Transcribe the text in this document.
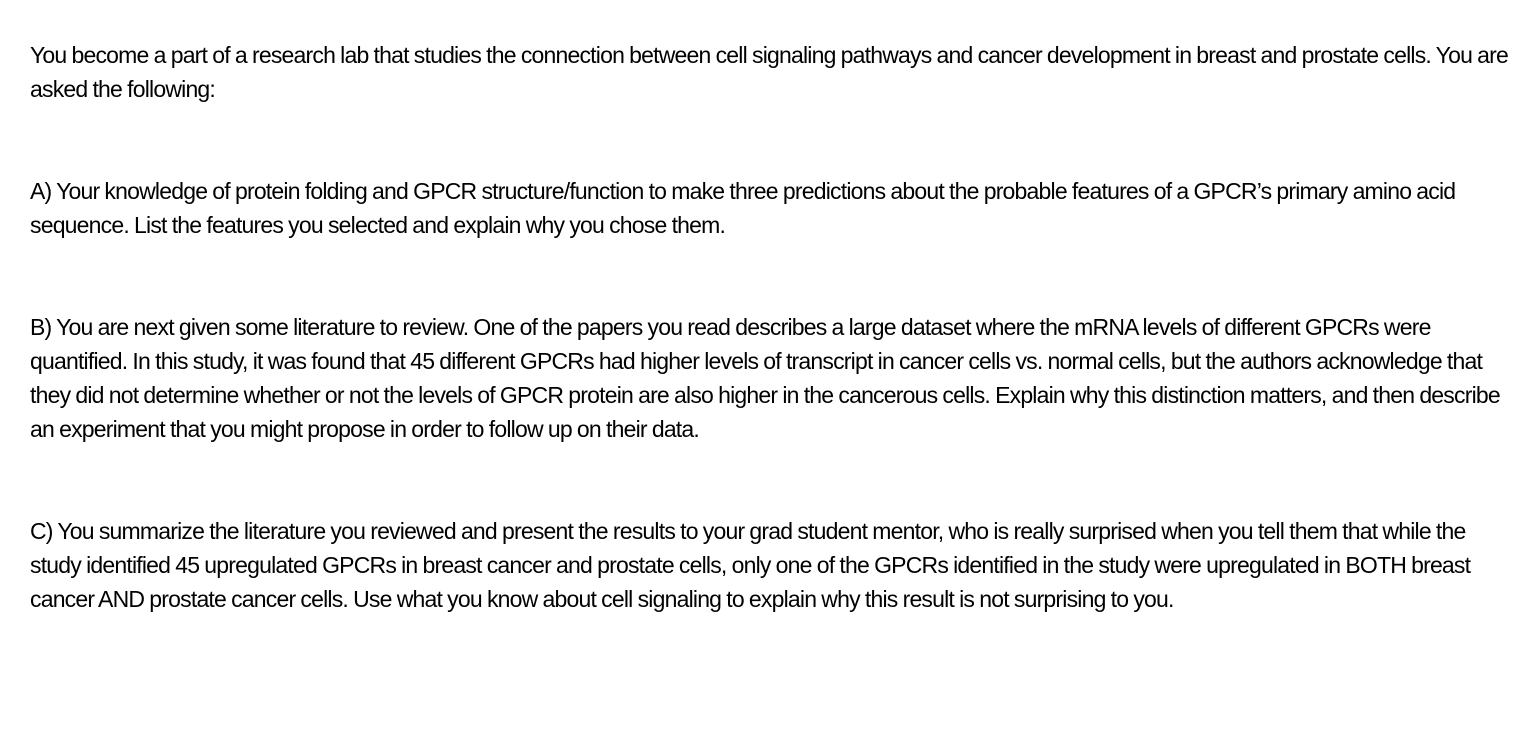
You become a part of a research lab that studies the connection between cell signaling pathways and cancer development in breast and prostate cells. You are asked the following:

A) Your knowledge of protein folding and GPCR structure/function to make three predictions about the probable features of a GPCR’s primary amino acid sequence. List the features you selected and explain why you chose them.

B) You are next given some literature to review. One of the papers you read describes a large dataset where the mRNA levels of different GPCRs were quantified. In this study, it was found that 45 different GPCRs had higher levels of transcript in cancer cells vs. normal cells, but the authors acknowledge that they did not determine whether or not the levels of GPCR protein are also higher in the cancerous cells. Explain why this distinction matters, and then describe an experiment that you might propose in order to follow up on their data.

C) You summarize the literature you reviewed and present the results to your grad student mentor, who is really surprised when you tell them that while the study identified 45 upregulated GPCRs in breast cancer and prostate cells, only one of the GPCRs identified in the study were upregulated in BOTH breast cancer AND prostate cancer cells. Use what you know about cell signaling to explain why this result is not surprising to you.
